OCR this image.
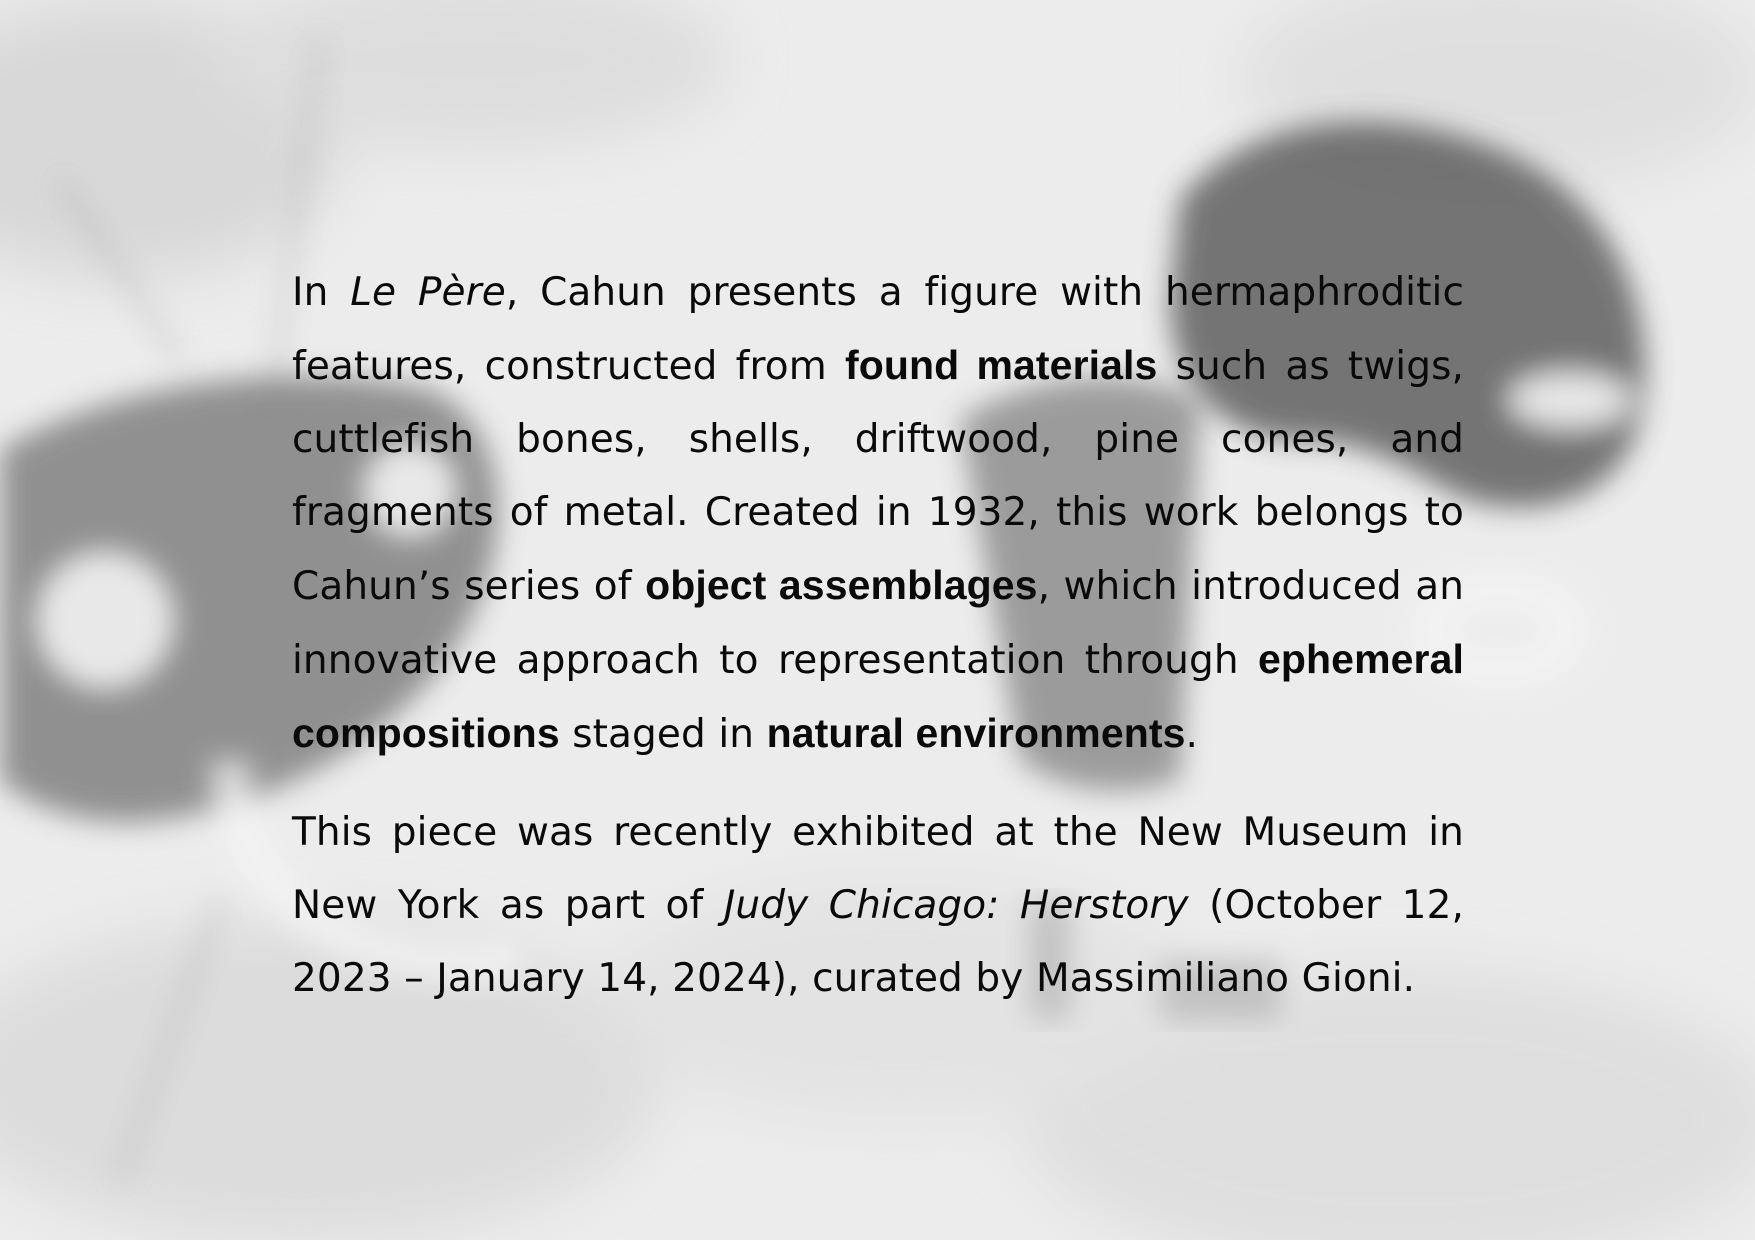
In Le Père, Cahun presents a figure with hermaphroditic features, constructed from found materials such as twigs, cuttlefish bones, shells, driftwood, pine cones, and fragments of metal. Created in 1932, this work belongs to Cahun’s series of object assemblages, which introduced an innovative approach to representation through ephemeral compositions staged in natural environments.

This piece was recently exhibited at the New Museum in New York as part of Judy Chicago: Herstory (October 12, 2023 – January 14, 2024), curated by Massimiliano Gioni.
